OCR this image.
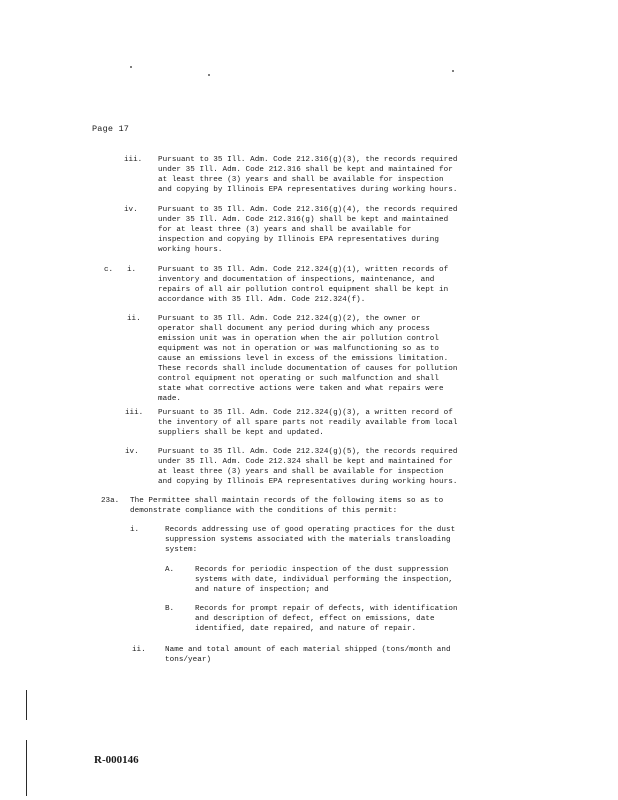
Page 17
iii. Pursuant to 35 Ill. Adm. Code 212.316(g)(3), the records required
under 35 Ill. Adm. Code 212.316 shall be kept and maintained for
at least three (3) years and shall be available for inspection
and copying by Illinois EPA representatives during working hours.
iv.	Pursuant to 35 Ill. Adm. Code 212.316(g)(4), the records required
under 35 Ill. Adm. Code 212.316(g) shall be kept and maintained
for at least three (3) years and shall be available for
inspection and copying by Illinois EPA representatives during
working hours.
c. i.	Pursuant to 35 Ill. Adm. Code 212.324(g)(1), written records of
inventory and documentation of inspections, maintenance, and
repairs of all air pollution control equipment shall be kept in
accordance with 35 Ill. Adm. Code 212.324(f).
ii. Pursuant to 35 Ill. Adm. Code 212.324(g)(2), the owner or
operator shall document any period during which any process
emission unit was in operation when the air pollution control
equipment was not in operation or was malfunctioning so as to
cause an emissions level in excess of the emissions limitation.
These records shall include documentation of causes for pollution
control equipment not operating or such malfunction and shall
state what corrective actions were taken and what repairs were
made.
iii. Pursuant to 35 Ill. Adm. Code 212.324(g)(3), a written record of
the inventory of all spare parts not readily available from local
suppliers shall be kept and updated.
iv.	Pursuant to 35 Ill. Adm. Code 212.324(g)(5), the records required
under 35 Ill. Adm. Code 212.324 shall be kept and maintained for
at least three (3) years and shall be available for inspection
and copying by Illinois EPA representatives during working hours.
23a. The Permittee shall maintain records of the following items so as to
demonstrate compliance with the conditions of this permit:
i.	Records addressing use of good operating practices for the dust
suppression systems associated with the materials transloading
system:
A.	Records for periodic inspection of the dust suppression
systems with date, individual performing the inspection,
and nature of inspection; and
B.	Records for prompt repair of defects, with identification
and description of defect, effect on emissions, date
identified, date repaired, and nature of repair.
ii.	Name and total amount of each material shipped (tons/month and
tons/year)
R-000146
